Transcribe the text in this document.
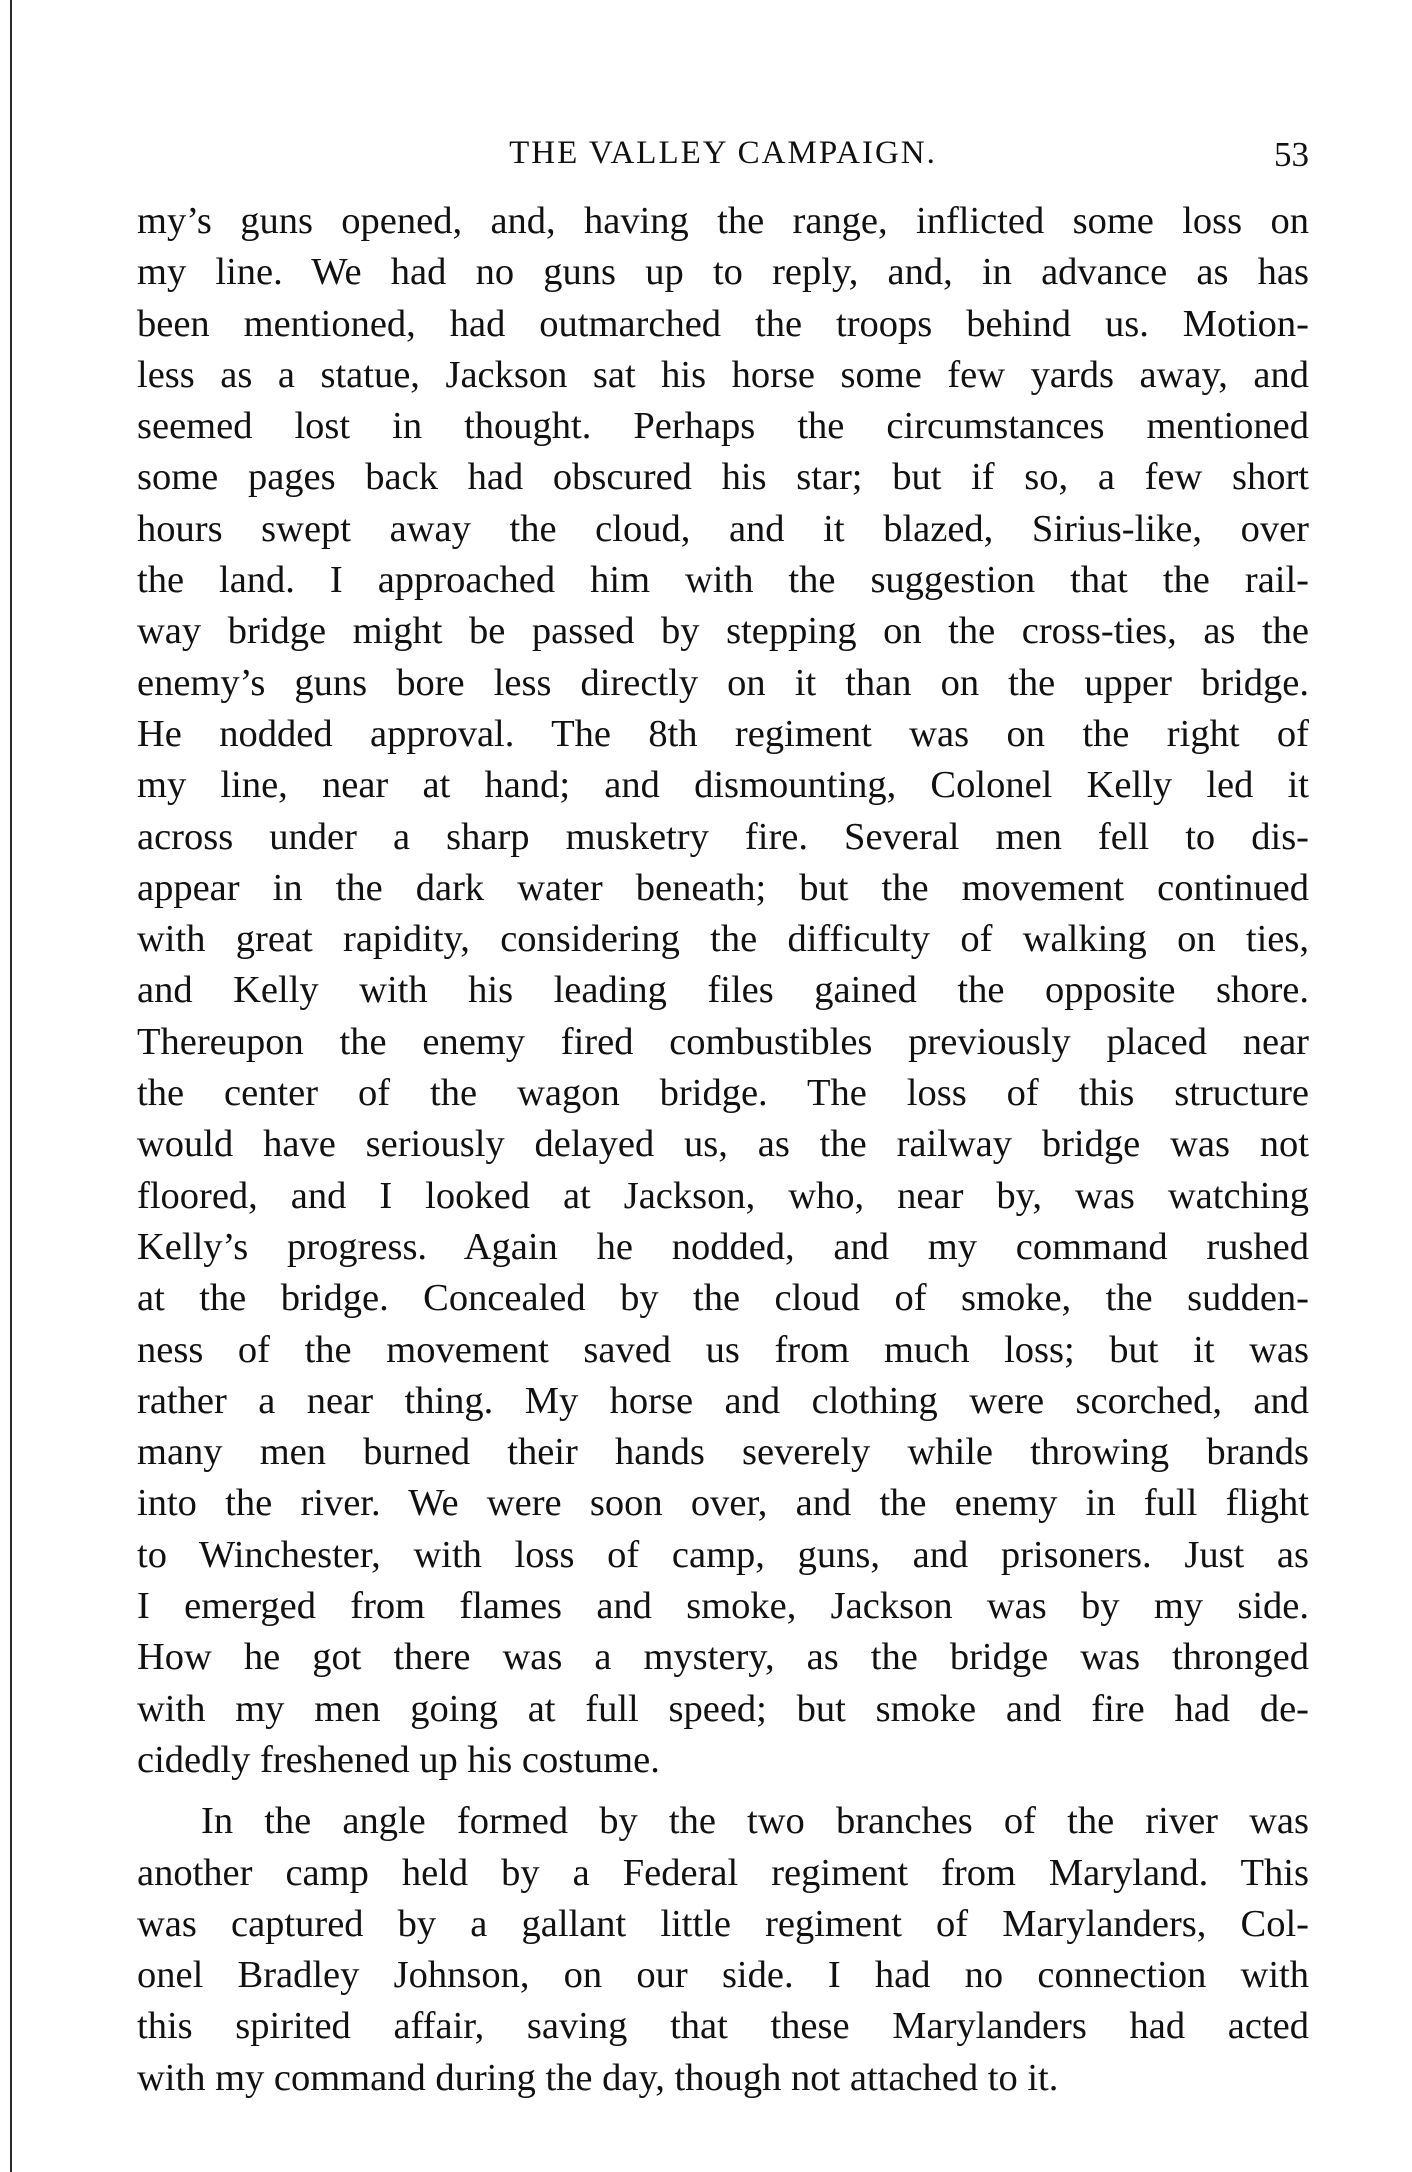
THE VALLEY CAMPAIGN.	53
my’s guns opened, and, having the range, inflicted some loss on
my line. We had no guns up to reply, and, in advance as has
been mentioned, had outmarched the troops behind us. Motion-
less as a statue, Jackson sat his horse some few yards away, and
seemed lost in thought. Perhaps the circumstances mentioned
some pages back had obscured his star; but if so, a few short
hours swept away the cloud, and it blazed, Sirius-like, over
the land. I approached him with the suggestion that the rail-
way bridge might be passed by stepping on the cross-ties, as the
enemy’s guns bore less directly on it than on the upper bridge.
He nodded approval. The 8th regiment was on the right of
my line, near at hand; and dismounting, Colonel Kelly led it
across under a sharp musketry fire. Several men fell to dis-
appear in the dark water beneath; but the movement continued
with great rapidity, considering the difficulty of walking on ties,
and Kelly with his leading files gained the opposite shore.
Thereupon the enemy fired combustibles previously placed near
the center of the wagon bridge. The loss of this structure
would have seriously delayed us, as the railway bridge was not
floored, and I looked at Jackson, who, near by, was watching
Kelly’s progress. Again he nodded, and my command rushed
at the bridge. Concealed by the cloud of smoke, the sudden-
ness of the movement saved us from much loss; but it was
rather a near thing. My horse and clothing were scorched, and
many men burned their hands severely while throwing brands
into the river. We were soon over, and the enemy in full flight
to Winchester, with loss of camp, guns, and prisoners. Just as
I emerged from flames and smoke, Jackson was by my side.
How he got there was a mystery, as the bridge was thronged
with my men going at full speed; but smoke and fire had de-
cidedly freshened up his costume.
In the angle formed by the two branches of the river was
another camp held by a Federal regiment from Maryland. This
was captured by a gallant little regiment of Marylanders, Col-
onel Bradley Johnson, on our side. I had no connection with
this spirited affair, saving that these Marylanders had acted
with my command during the day, though not attached to it.
